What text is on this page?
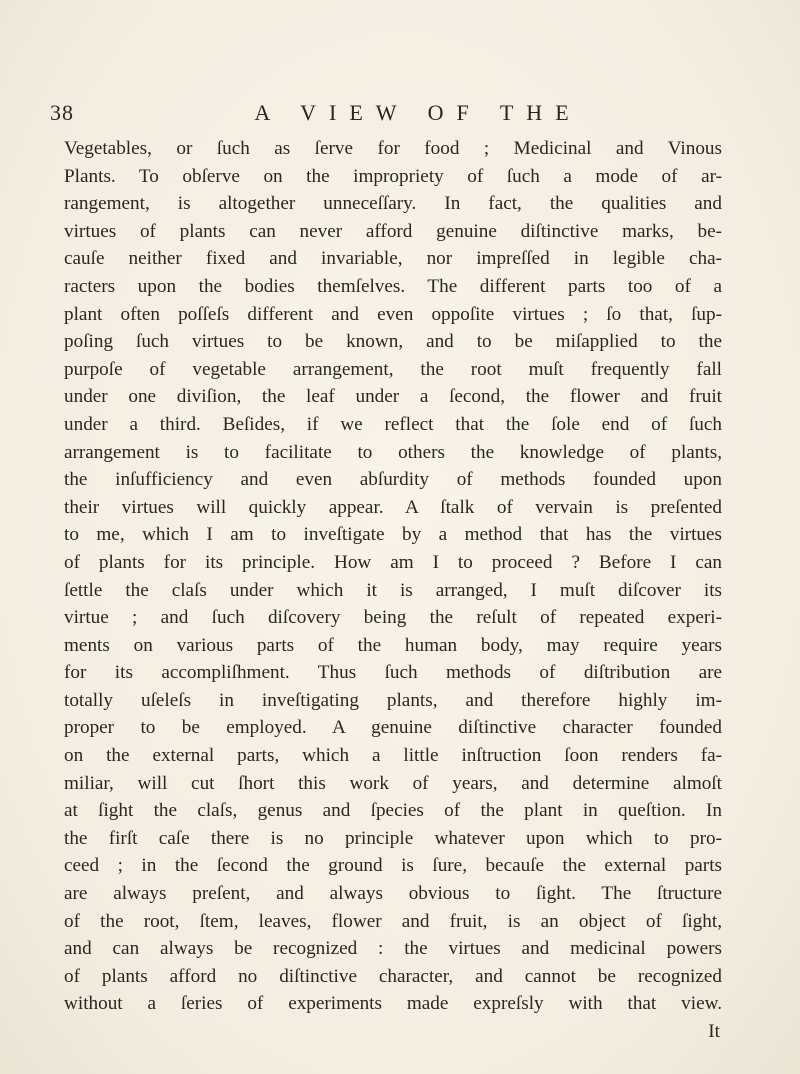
38	A VIEW OF THE
Vegetables, or ſuch as ſerve for food ; Medicinal and Vinous
Plants. To obſerve on the impropriety of ſuch a mode of ar-
rangement, is altogether unneceſſary. In fact, the qualities and
virtues of plants can never afford genuine diſtinctive marks, be-
cauſe neither fixed and invariable, nor impreſſed in legible cha-
racters upon the bodies themſelves. The different parts too of a
plant often poſſeſs different and even oppoſite virtues ; ſo that, ſup-
poſing ſuch virtues to be known, and to be miſapplied to the
purpoſe of vegetable arrangement, the root muſt frequently fall
under one diviſion, the leaf under a ſecond, the flower and fruit
under a third. Beſides, if we reflect that the ſole end of ſuch
arrangement is to facilitate to others the knowledge of plants,
the inſufficiency and even abſurdity of methods founded upon
their virtues will quickly appear. A ſtalk of vervain is preſented
to me, which I am to inveſtigate by a method that has the virtues
of plants for its principle. How am I to proceed ? Before I can
ſettle the claſs under which it is arranged, I muſt diſcover its
virtue ; and ſuch diſcovery being the reſult of repeated experi-
ments on various parts of the human body, may require years
for its accompliſhment. Thus ſuch methods of diſtribution are
totally uſeleſs in inveſtigating plants, and therefore highly im-
proper to be employed. A genuine diſtinctive character founded
on the external parts, which a little inſtruction ſoon renders fa-
miliar, will cut ſhort this work of years, and determine almoſt
at ſight the claſs, genus and ſpecies of the plant in queſtion. In
the firſt caſe there is no principle whatever upon which to pro-
ceed ; in the ſecond the ground is ſure, becauſe the external parts
are always preſent, and always obvious to ſight. The ſtructure
of the root, ſtem, leaves, flower and fruit, is an object of ſight,
and can always be recognized : the virtues and medicinal powers
of plants afford no diſtinctive character, and cannot be recognized
without a ſeries of experiments made expreſsly with that view.
It
